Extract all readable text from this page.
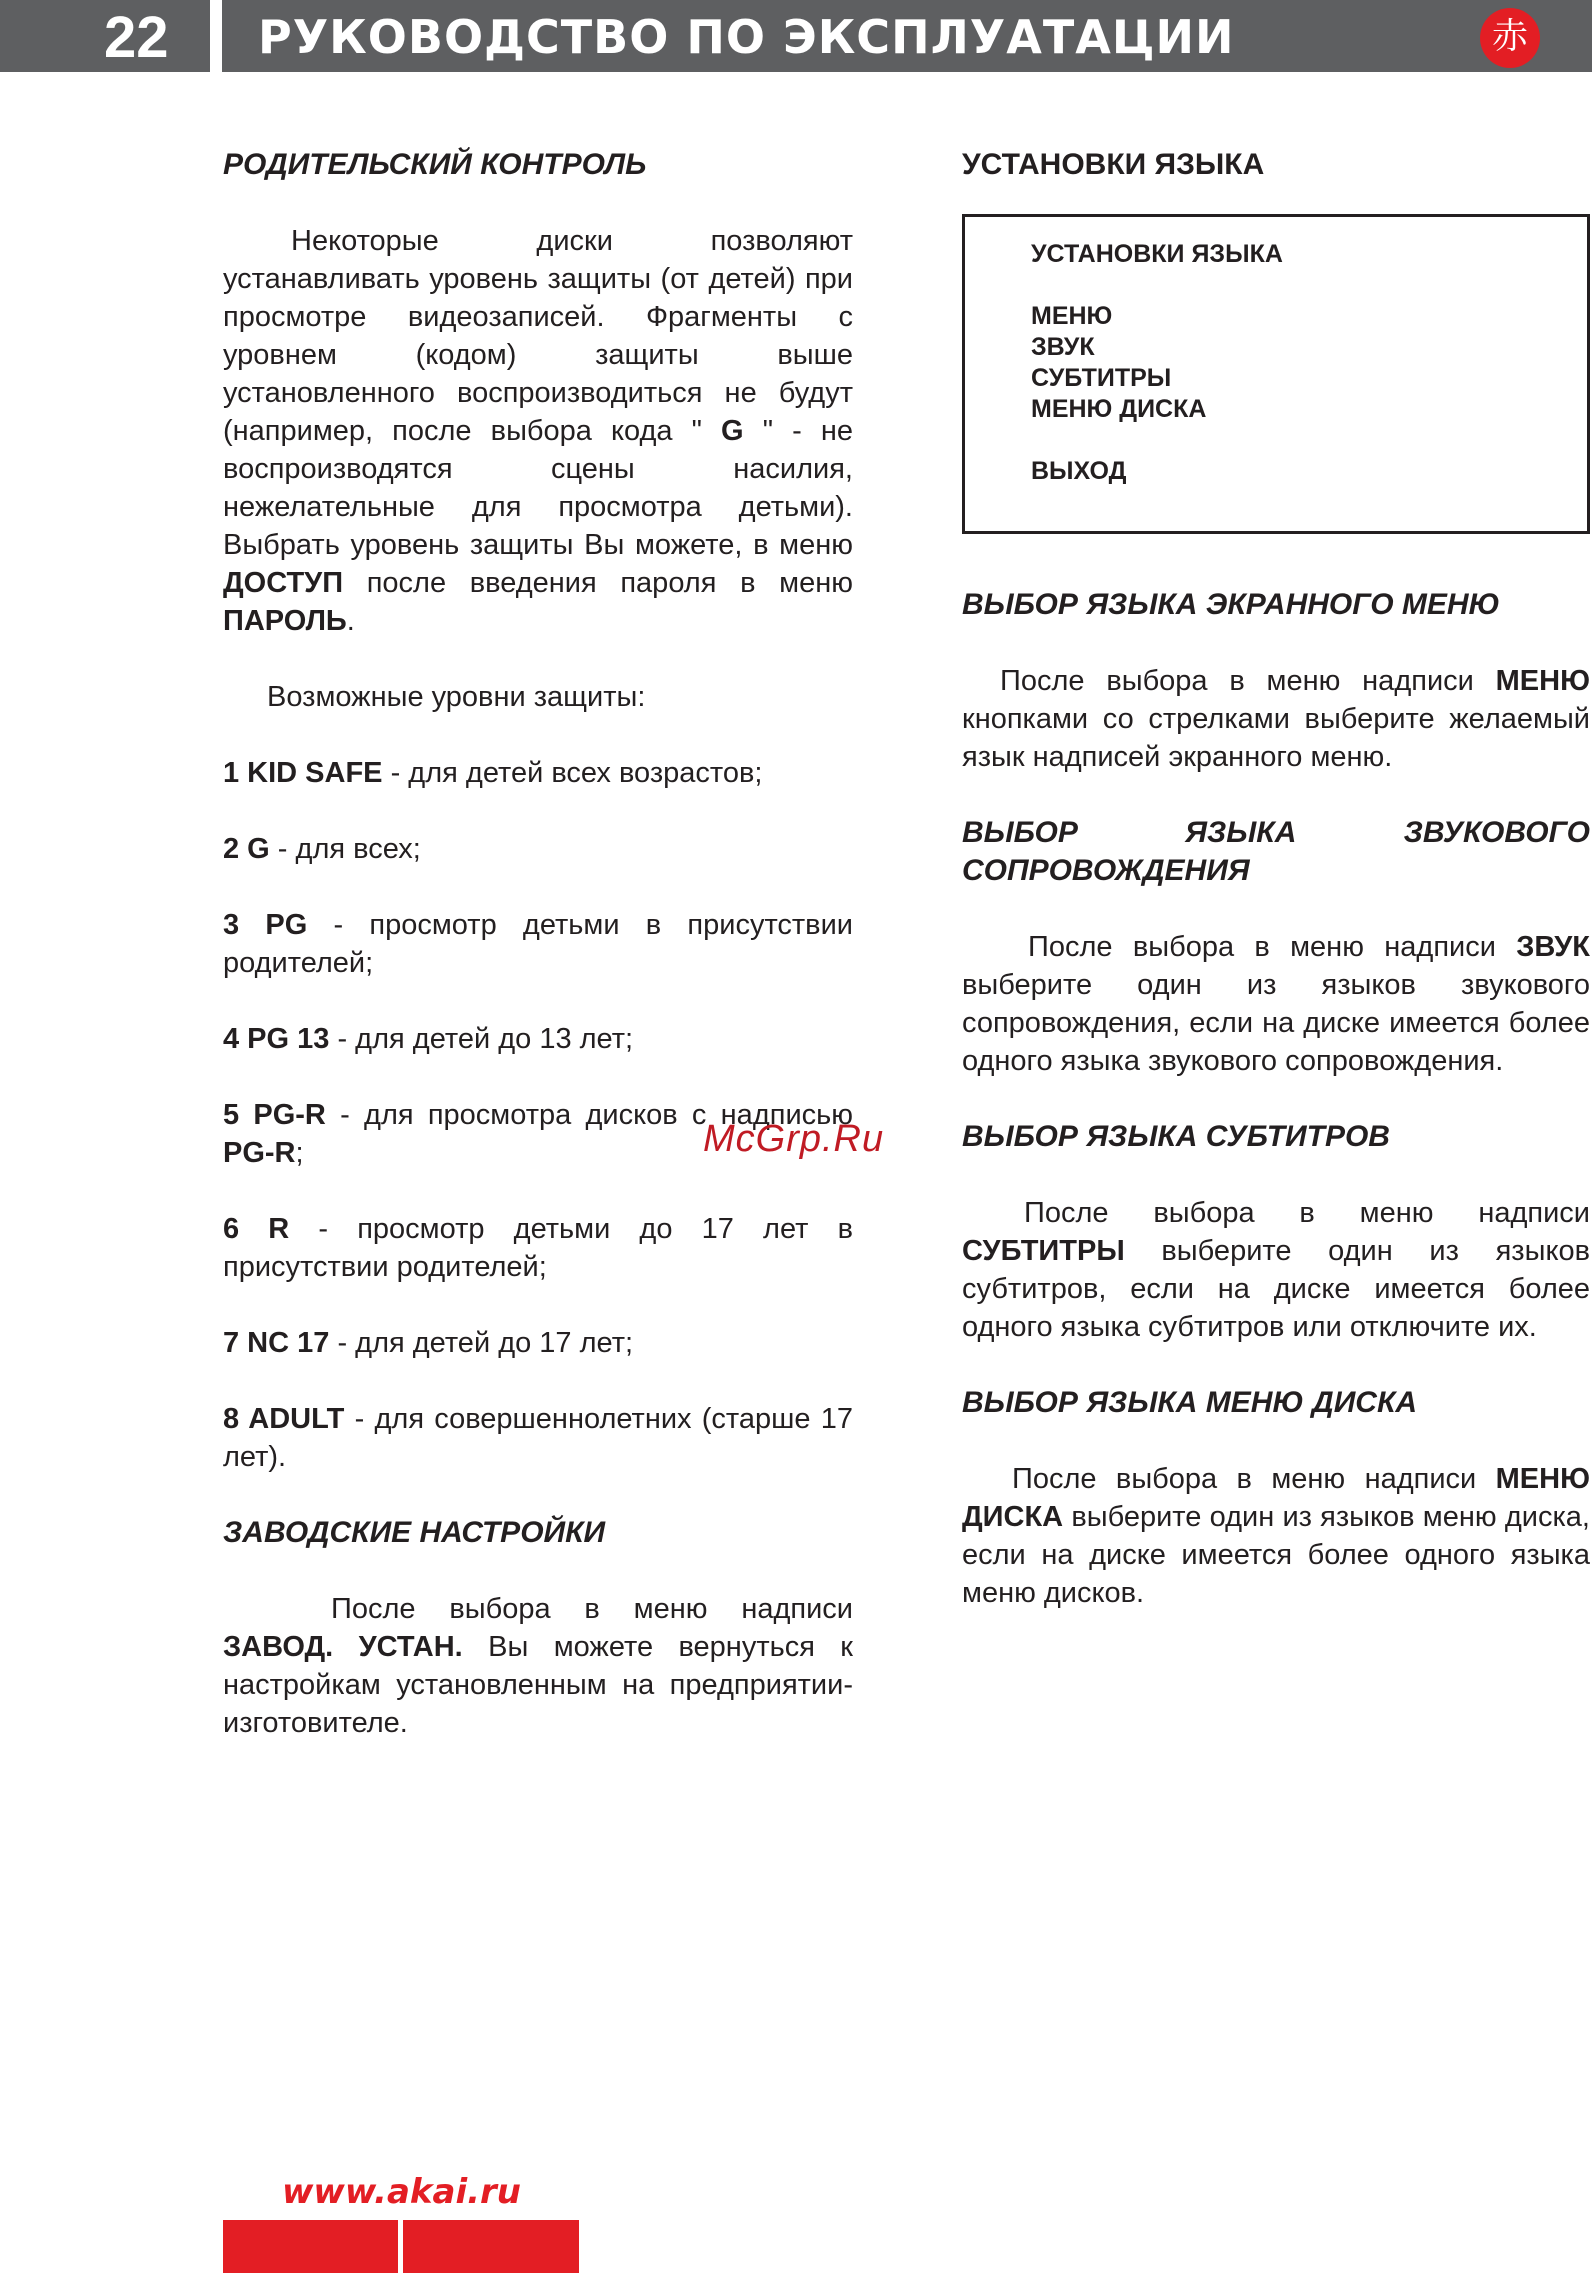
22 РУКОВОДСТВО ПО ЭКСПЛУАТАЦИИ	赤
РОДИТЕЛЬСКИЙ КОНТРОЛЬ
Некоторые диски позволяют устанавливать уровень защиты (от детей) при просмотре видеозаписей. Фрагменты с уровнем (кодом) защиты выше установленного воспроизводиться не будут (например, после выбора кода " G " - не воспроизводятся сцены насилия, нежелательные для просмотра детьми). Выбрать уровень защиты Вы можете, в меню ДОСТУП после введения пароля в меню ПАРОЛЬ.
Возможные уровни защиты:
1 KID SAFE - для детей всех возрастов;
2 G - для всех;
3 PG - просмотр детьми в присутствии родителей;
4 PG 13 - для детей до 13 лет;
5 PG-R - для просмотра дисков с надписью PG-R;
6 R - просмотр детьми до 17 лет в присутствии родителей;
7 NC 17 - для детей до 17 лет;
8 ADULT - для совершеннолетних (старше 17 лет).
ЗАВОДСКИЕ НАСТРОЙКИ
После выбора в меню надписи ЗАВОД. УСТАН. Вы можете вернуться к настройкам установленным на предприятии-изготовителе.
УСТАНОВКИ ЯЗЫКА
УСТАНОВКИ ЯЗЫКА
МЕНЮ
ЗВУК
СУБТИТРЫ
МЕНЮ ДИСКА
ВЫХОД
ВЫБОР ЯЗЫКА ЭКРАННОГО МЕНЮ
После выбора в меню надписи МЕНЮ кнопками со стрелками выберите желаемый язык надписей экранного меню.
ВЫБОР ЯЗЫКА ЗВУКОВОГО СОПРОВОЖДЕНИЯ
После выбора в меню надписи ЗВУК выберите один из языков звукового сопровождения, если на диске имеется более одного языка звукового сопровождения.
ВЫБОР ЯЗЫКА СУБТИТРОВ
После выбора в меню надписи СУБТИТРЫ выберите один из языков субтитров, если на диске имеется более одного языка субтитров или отключите их.
ВЫБОР ЯЗЫКА МЕНЮ ДИСКА
После выбора в меню надписи МЕНЮ ДИСКА выберите один из языков меню диска, если на диске имеется более одного языка меню дисков.
McGrp.Ru
www.akai.ru
